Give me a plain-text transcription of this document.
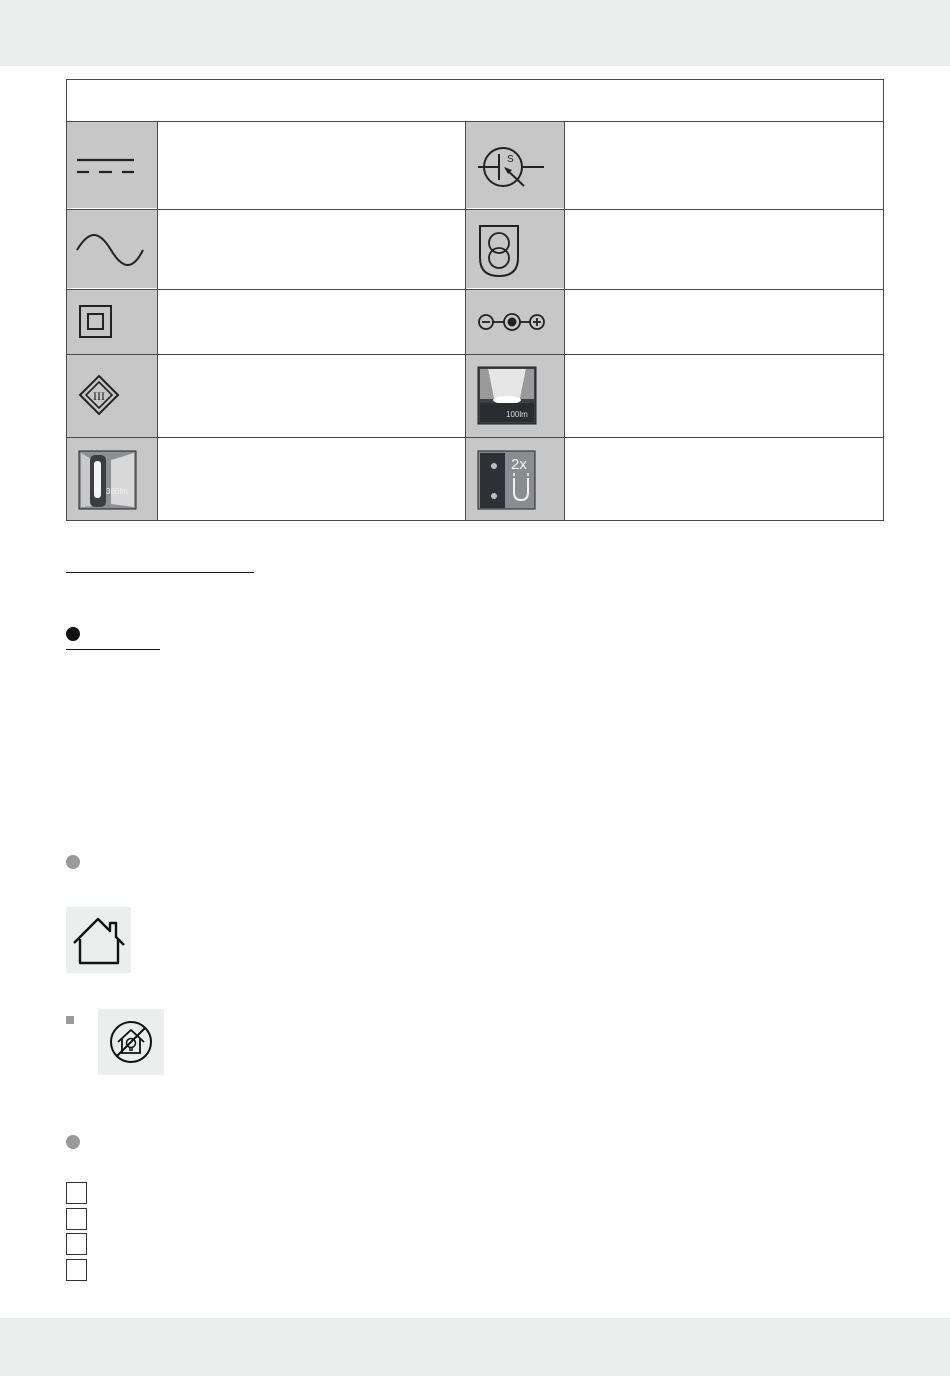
S
III
100lm
360lm
2x
